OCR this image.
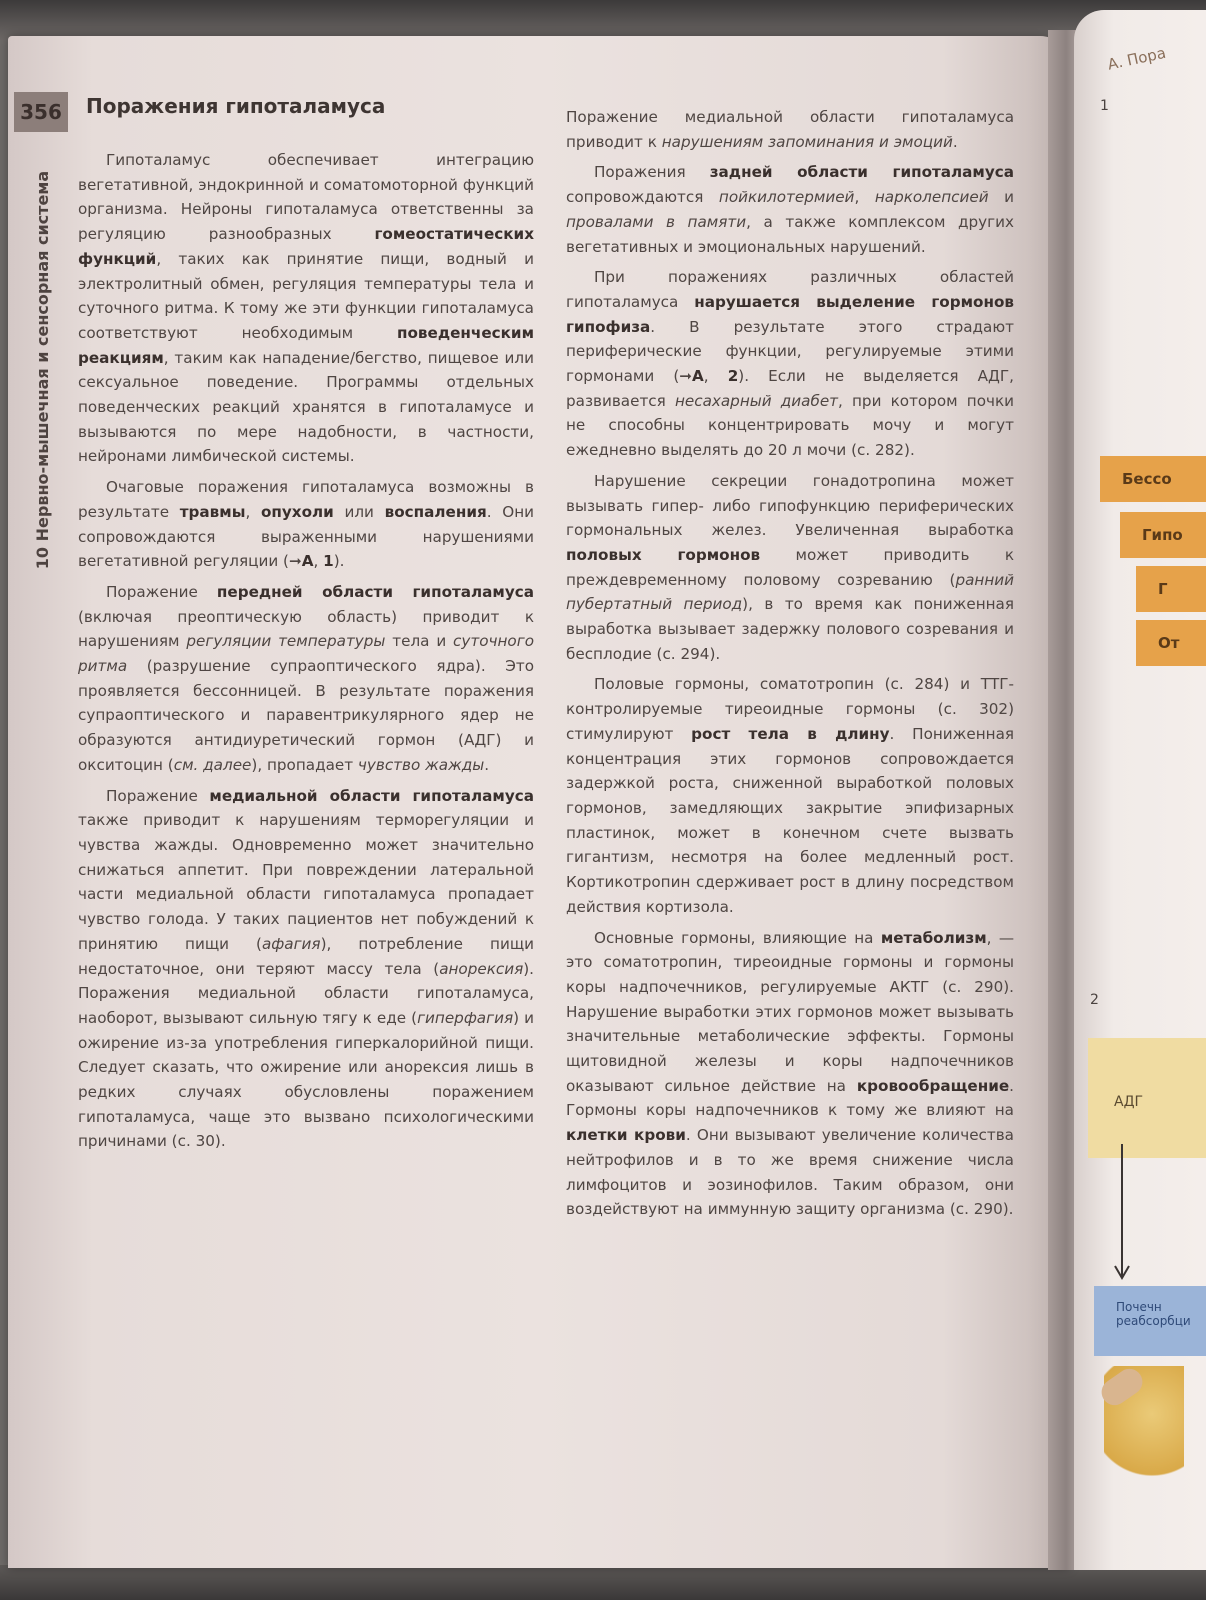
356
10 Нервно-мышечная и сенсорная система
Поражения гипоталамуса

Гипоталамус обеспечивает интеграцию вегетативной, эндокринной и соматомоторной функций организма. Нейроны гипоталамуса ответственны за регуляцию разнообразных гомеостатических функций, таких как принятие пищи, водный и электролитный обмен, регуляция температуры тела и суточного ритма. К тому же эти функции гипоталамуса соответствуют необходимым поведенческим реакциям, таким как нападение/бегство, пищевое или сексуальное поведение. Программы отдельных поведенческих реакций хранятся в гипоталамусе и вызываются по мере надобности, в частности, нейронами лимбической системы.

Очаговые поражения гипоталамуса возможны в результате травмы, опухоли или воспаления. Они сопровождаются выраженными нарушениями вегетативной регуляции (➞А, 1).

Поражение передней области гипоталамуса (включая преоптическую область) приводит к нарушениям регуляции температуры тела и суточного ритма (разрушение супраоптического ядра). Это проявляется бессонницей. В результате поражения супраоптического и паравентрикулярного ядер не образуются антидиуретический гормон (АДГ) и окситоцин (см. далее), пропадает чувство жажды.

Поражение медиальной области гипоталамуса также приводит к нарушениям терморегуляции и чувства жажды. Одновременно может значительно снижаться аппетит. При повреждении латеральной части медиальной области гипоталамуса пропадает чувство голода. У таких пациентов нет побуждений к принятию пищи (афагия), потребление пищи недостаточное, они теряют массу тела (анорексия). Поражения медиальной области гипоталамуса, наоборот, вызывают сильную тягу к еде (гиперфагия) и ожирение из-за употребления гиперкалорийной пищи. Следует сказать, что ожирение или анорексия лишь в редких случаях обусловлены поражением гипоталамуса, чаще это вызвано психологическими причинами (с. 30).

Поражение медиальной области гипоталамуса приводит к нарушениям запоминания и эмоций.

Поражения задней области гипоталамуса сопровождаются пойкилотермией, нарколепсией и провалами в памяти, а также комплексом других вегетативных и эмоциональных нарушений.

При поражениях различных областей гипоталамуса нарушается выделение гормонов гипофиза. В результате этого страдают периферические функции, регулируемые этими гормонами (➞А, 2). Если не выделяется АДГ, развивается несахарный диабет, при котором почки не способны концентрировать мочу и могут ежедневно выделять до 20 л мочи (с. 282).

Нарушение секреции гонадотропина может вызывать гипер- либо гипофункцию периферических гормональных желез. Увеличенная выработка половых гормонов может приводить к преждевременному половому созреванию (ранний пубертатный период), в то время как пониженная выработка вызывает задержку полового созревания и бесплодие (с. 294).

Половые гормоны, соматотропин (с. 284) и ТТГ-контролируемые тиреоидные гормоны (с. 302) стимулируют рост тела в длину. Пониженная концентрация этих гормонов сопровождается задержкой роста, сниженной выработкой половых гормонов, замедляющих закрытие эпифизарных пластинок, может в конечном счете вызвать гигантизм, несмотря на более медленный рост. Кортикотропин сдерживает рост в длину посредством действия кортизола.

Основные гормоны, влияющие на метаболизм, — это соматотропин, тиреоидные гормоны и гормоны коры надпочечников, регулируемые АКТГ (с. 290). Нарушение выработки этих гормонов может вызывать значительные метаболические эффекты. Гормоны щитовидной железы и коры надпочечников оказывают сильное действие на кровообращение. Гормоны коры надпочечников к тому же влияют на клетки крови. Они вызывают увеличение количества нейтрофилов и в то же время снижение числа лимфоцитов и эозинофилов. Таким образом, они воздействуют на иммунную защиту организма (с. 290).

А. Пора
1
2
Бессо
Гипо
Г
От
АДГ
Почечн реабсорбци
